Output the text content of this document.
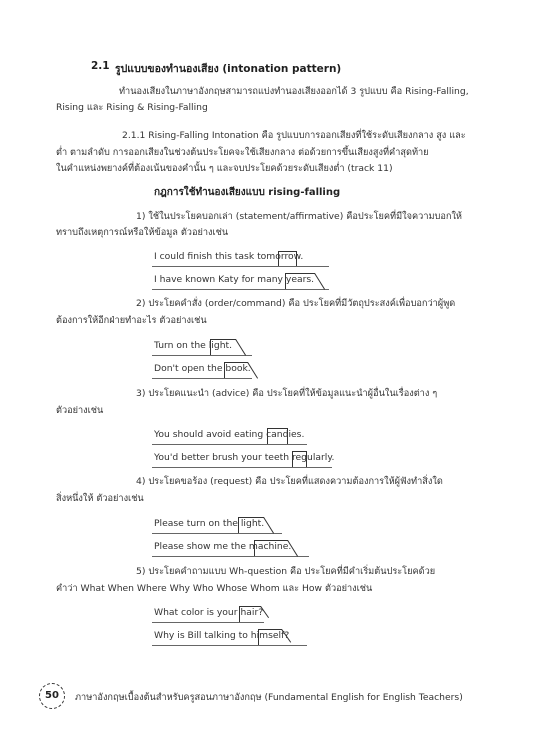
2.1 รูปแบบของทำนองเสียง (intonation pattern)
ทำนองเสียงในภาษาอังกฤษสามารถแบ่งทำนองเสียงออกได้ 3 รูปแบบ คือ Rising-Falling,
Rising และ Rising & Rising-Falling
2.1.1 Rising-Falling Intonation คือ รูปแบบการออกเสียงที่ใช้ระดับเสียงกลาง สูง และ
ต่ำ ตามลำดับ การออกเสียงในช่วงต้นประโยคจะใช้เสียงกลาง ต่อด้วยการขึ้นเสียงสูงที่คำสุดท้าย
ในคำแหน่งพยางค์ที่ต้องเน้นของคำนั้น ๆ และจบประโยคด้วยระดับเสียงต่ำ (track 11)
กฎการใช้ทำนองเสียงแบบ rising-falling
1) ใช้ในประโยคบอกเล่า (statement/affirmative) คือประโยคที่มีใจความบอกให้
ทราบถึงเหตุการณ์หรือให้ข้อมูล ตัวอย่างเช่น
I could finish this task tomorrow.
I have known Katy for many years.
2) ประโยคคำสั่ง (order/command) คือ ประโยคที่มีวัตถุประสงค์เพื่อบอกว่าผู้พูด
ต้องการให้อีกฝ่ายทำอะไร ตัวอย่างเช่น
Turn on the light.
Don't open the book.
3) ประโยคแนะนำ (advice) คือ ประโยคที่ให้ข้อมูลแนะนำผู้อื่นในเรื่องต่าง ๆ
ตัวอย่างเช่น
You should avoid eating candies.
You'd better brush your teeth regularly.
4) ประโยคขอร้อง (request) คือ ประโยคที่แสดงความต้องการให้ผู้ฟังทำสิ่งใด
สิ่งหนึ่งให้ ตัวอย่างเช่น
Please turn on the light.
Please show me the machine.
5) ประโยคคำถามแบบ Wh-question คือ ประโยคที่มีคำเริ่มต้นประโยคด้วย
คำว่า What When Where Why Who Whose Whom และ How ตัวอย่างเช่น
What color is your hair?
Why is Bill talking to himself?
50	ภาษาอังกฤษเบื้องต้นสำหรับครูสอนภาษาอังกฤษ (Fundamental English for English Teachers)
